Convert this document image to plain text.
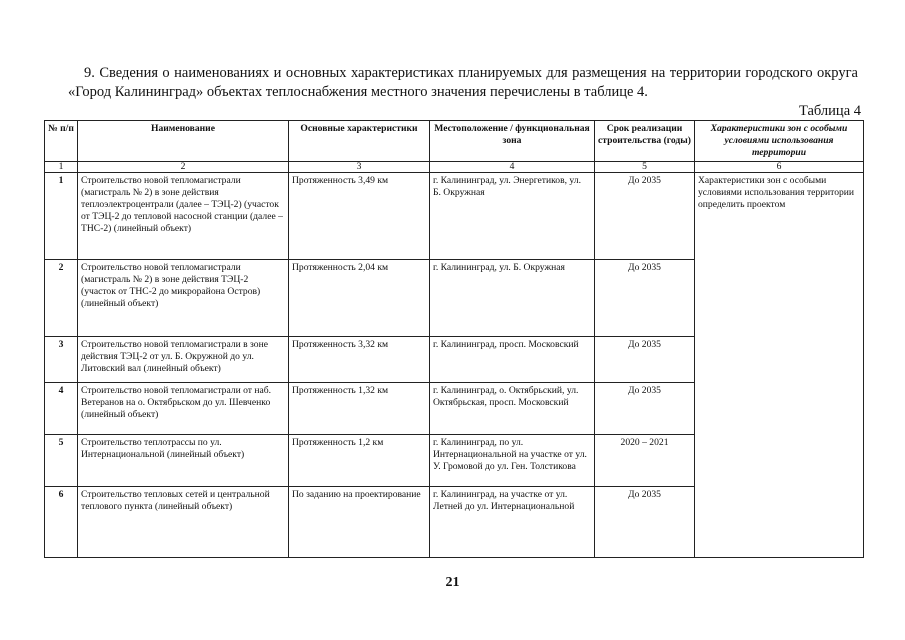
9. Сведения о наименованиях и основных характеристиках планируемых для размещения на территории городского округа «Город Калининград» объектах теплоснабжения местного значения перечислены в таблице 4.

Таблица 4
№ п/п	Наименование	Основные характеристики	Местоположение / функциональная зона	Срок реализации строительства (годы)	Характеристики зон с особыми условиями использования территории
1	2	3	4	5	6
1	Строительство новой тепломагистрали (магистраль № 2) в зоне действия теплоэлектроцентрали (далее – ТЭЦ-2) (участок от ТЭЦ-2 до тепловой насосной станции (далее – ТНС-2) (линейный объект)	Протяженность 3,49 км	г. Калининград, ул. Энергетиков, ул. Б. Окружная	До 2035	Характеристики зон с особыми условиями использования территории определить проектом
2	Строительство новой тепломагистрали (магистраль № 2) в зоне действия ТЭЦ-2 (участок от ТНС-2 до микрорайона Остров) (линейный объект)	Протяженность 2,04 км	г. Калининград, ул. Б. Окружная	До 2035	
3	Строительство новой тепломагистрали в зоне действия ТЭЦ-2 от ул. Б. Окружной до ул. Литовский вал (линейный объект)	Протяженность 3,32 км	г. Калининград, просп. Московский	До 2035	
4	Строительство новой тепломагистрали от наб. Ветеранов на о. Октябрьском до ул. Шевченко (линейный объект)	Протяженность 1,32 км	г. Калининград, о. Октябрьский, ул. Октябрьская, просп. Московский	До 2035	
5	Строительство теплотрассы по ул. Интернациональной (линейный объект)	Протяженность 1,2 км	г. Калининград, по ул. Интернациональной на участке от ул. У. Громовой до ул. Ген. Толстикова	2020 – 2021	
6	Строительство тепловых сетей и центральной теплового пункта (линейный объект)	По заданию на проектирование	г. Калининград, на участке от ул. Летней до ул. Интернациональной	До 2035	
21
